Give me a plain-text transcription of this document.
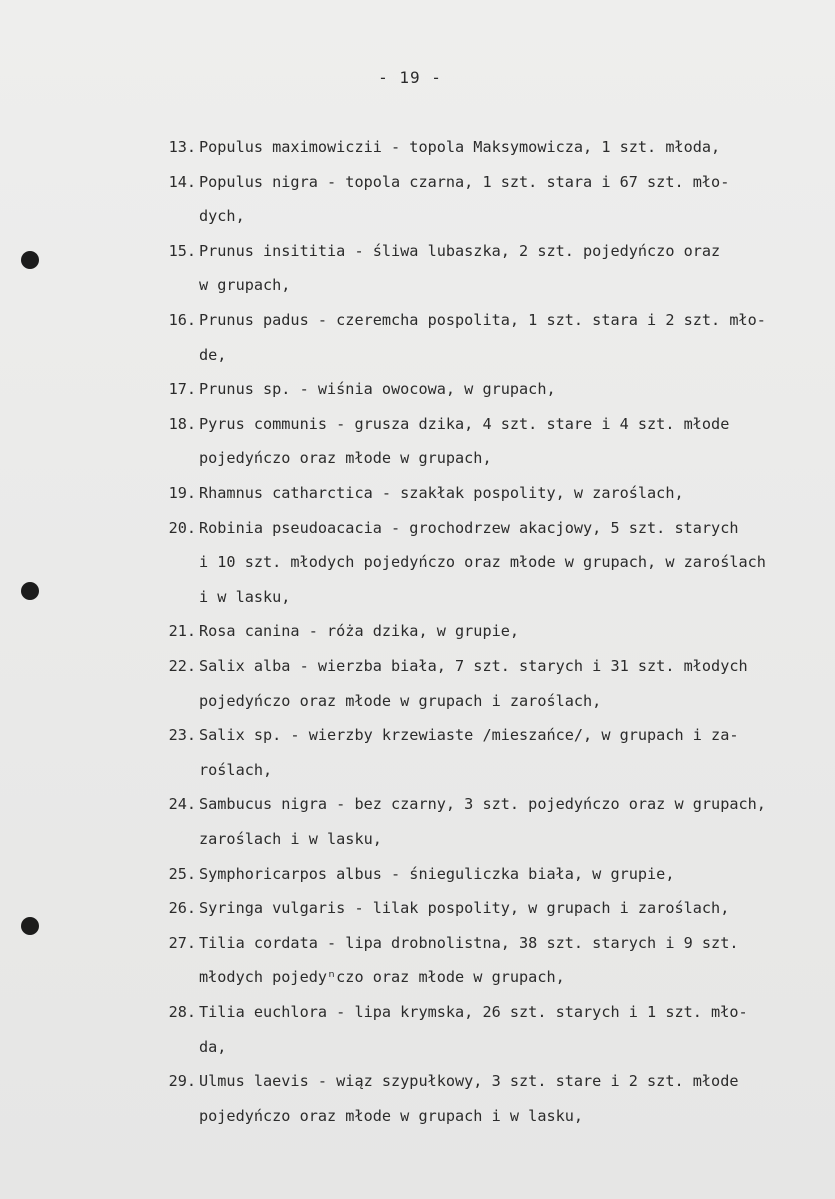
- 19 -
13. Populus maximowiczii - topola Maksymowicza, 1 szt. młoda,
14. Populus nigra - topola czarna, 1 szt. stara i 67 szt. mło-
dych,
15. Prunus insititia - śliwa lubaszka, 2 szt. pojedyńczo oraz
w grupach,
16. Prunus padus - czeremcha pospolita, 1 szt. stara i 2 szt. mło-
de,
17. Prunus sp. - wiśnia owocowa, w grupach,
18. Pyrus communis - grusza dzika, 4 szt. stare i 4 szt. młode
pojedyńczo oraz młode w grupach,
19. Rhamnus catharctica - szakłak pospolity, w zaroślach,
20. Robinia pseudoacacia - grochodrzew akacjowy, 5 szt. starych
i 10 szt. młodych pojedyńczo oraz młode w grupach, w zaroślach
i w lasku,
21. Rosa canina - róża dzika, w grupie,
22. Salix alba - wierzba biała, 7 szt. starych i 31 szt. młodych
pojedyńczo oraz młode w grupach i zaroślach,
23. Salix sp. - wierzby krzewiaste /mieszańce/, w grupach i za-
roślach,
24. Sambucus nigra - bez czarny, 3 szt. pojedyńczo oraz w grupach,
zaroślach i w lasku,
25. Symphoricarpos albus - śnieguliczka biała, w grupie,
26. Syringa vulgaris - lilak pospolity, w grupach i zaroślach,
27. Tilia cordata - lipa drobnolistna, 38 szt. starych i 9 szt.
młodych pojedyⁿczo oraz młode w grupach,
28. Tilia euchlora - lipa krymska, 26 szt. starych i 1 szt. mło-
da,
29. Ulmus laevis - wiąz szypułkowy, 3 szt. stare i 2 szt. młode
pojedyńczo oraz młode w grupach i w lasku,
